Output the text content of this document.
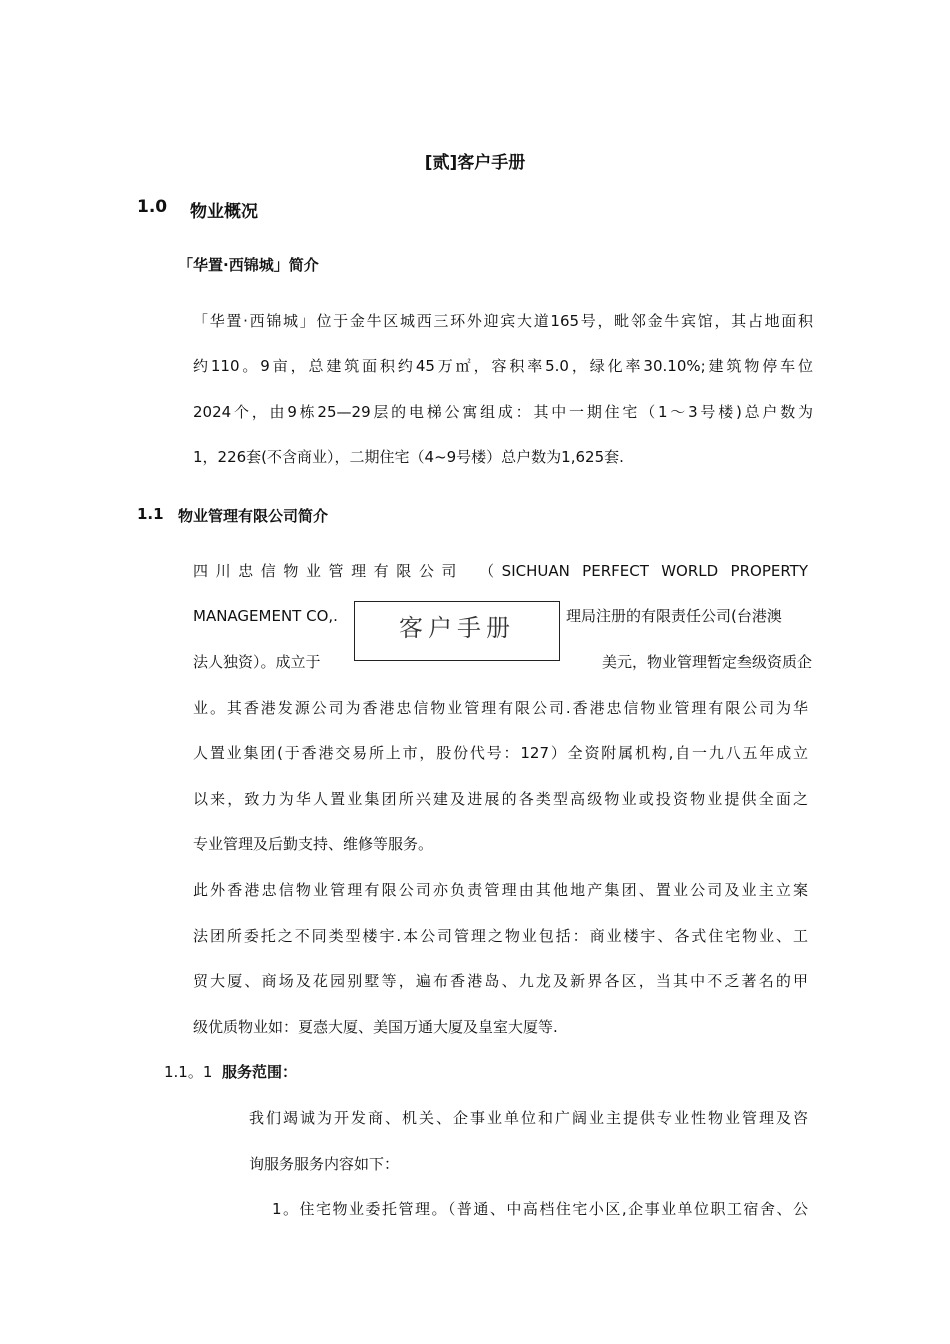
[贰]客户手册
1.0 物业概况
「华置·西锦城」简介
「华置·西锦城」位于金牛区城西三环外迎宾大道165号，毗邻金牛宾馆，其占地面积
约110。9亩，总建筑面积约45万㎡，容积率5.0，绿化率30.10%;建筑物停车位
2024个，由9栋25—29层的电梯公寓组成：其中一期住宅（1～3号楼)总户数为
1，226套(不含商业），二期住宅（4~9号楼）总户数为1,625套.
1.1 物业管理有限公司简介
四川忠信物业管理有限公司　（SICHUAN PERFECT WORLD PROPERTY
MANAGEMENT CO,.	理局注册的有限责任公司(台港澳
法人独资）。成立于	美元，物业管理暂定叁级资质企
业。其香港发源公司为香港忠信物业管理有限公司.香港忠信物业管理有限公司为华
人置业集团(于香港交易所上市，股份代号：127）全资附属机构,自一九八五年成立
以来，致力为华人置业集团所兴建及进展的各类型高级物业或投资物业提供全面之
专业管理及后勤支持、维修等服务。
此外香港忠信物业管理有限公司亦负责管理由其他地产集团、置业公司及业主立案
法团所委托之不同类型楼宇.本公司管理之物业包括：商业楼宇、各式住宅物业、工
贸大厦、商场及花园别墅等，遍布香港岛、九龙及新界各区，当其中不乏著名的甲
级优质物业如：夏悫大厦、美国万通大厦及皇室大厦等.
1.1。1 服务范围：
我们竭诚为开发商、机关、企事业单位和广阔业主提供专业性物业管理及咨
询服务服务内容如下：
1。住宅物业委托管理。（普通、中高档住宅小区,企事业单位职工宿舍、公
客户手册
